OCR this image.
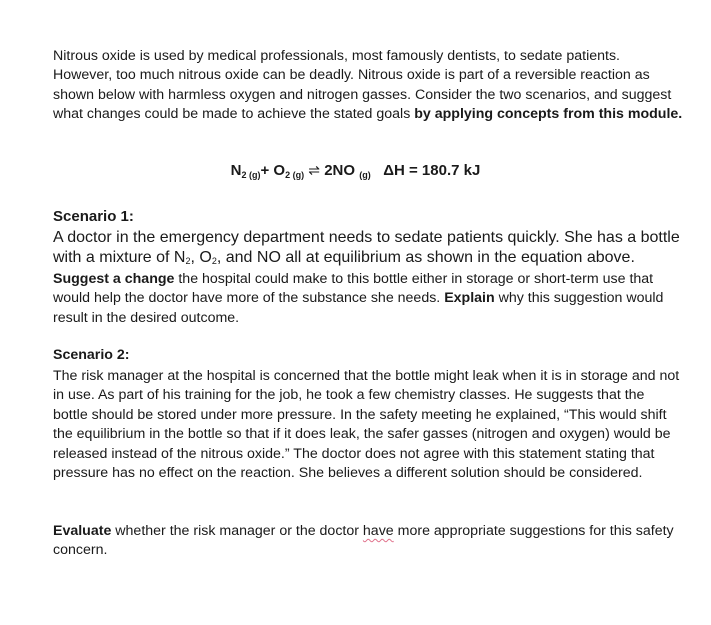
Nitrous oxide is used by medical professionals, most famously dentists, to sedate patients. However, too much nitrous oxide can be deadly. Nitrous oxide is part of a reversible reaction as shown below with harmless oxygen and nitrogen gasses. Consider the two scenarios, and suggest what changes could be made to achieve the stated goals by applying concepts from this module.

$N_{2 (g)}+ O_{2 (g)}$ ⇌ 2NO $_{(g)}$ ΔH = 180.7 kJ

Scenario 1:

A doctor in the emergency department needs to sedate patients quickly. She has a bottle with a mixture of $N_2$, $O_2$, and NO all at equilibrium as shown in the equation above.

Suggest a change the hospital could make to this bottle either in storage or short-term use that would help the doctor have more of the substance she needs. Explain why this suggestion would result in the desired outcome.

Scenario 2:

The risk manager at the hospital is concerned that the bottle might leak when it is in storage and not in use. As part of his training for the job, he took a few chemistry classes. He suggests that the bottle should be stored under more pressure. In the safety meeting he explained, “This would shift the equilibrium in the bottle so that if it does leak, the safer gasses (nitrogen and oxygen) would be released instead of the nitrous oxide.” The doctor does not agree with this statement stating that pressure has no effect on the reaction. She believes a different solution should be considered.

Evaluate whether the risk manager or the doctor have more appropriate suggestions for this safety concern.
